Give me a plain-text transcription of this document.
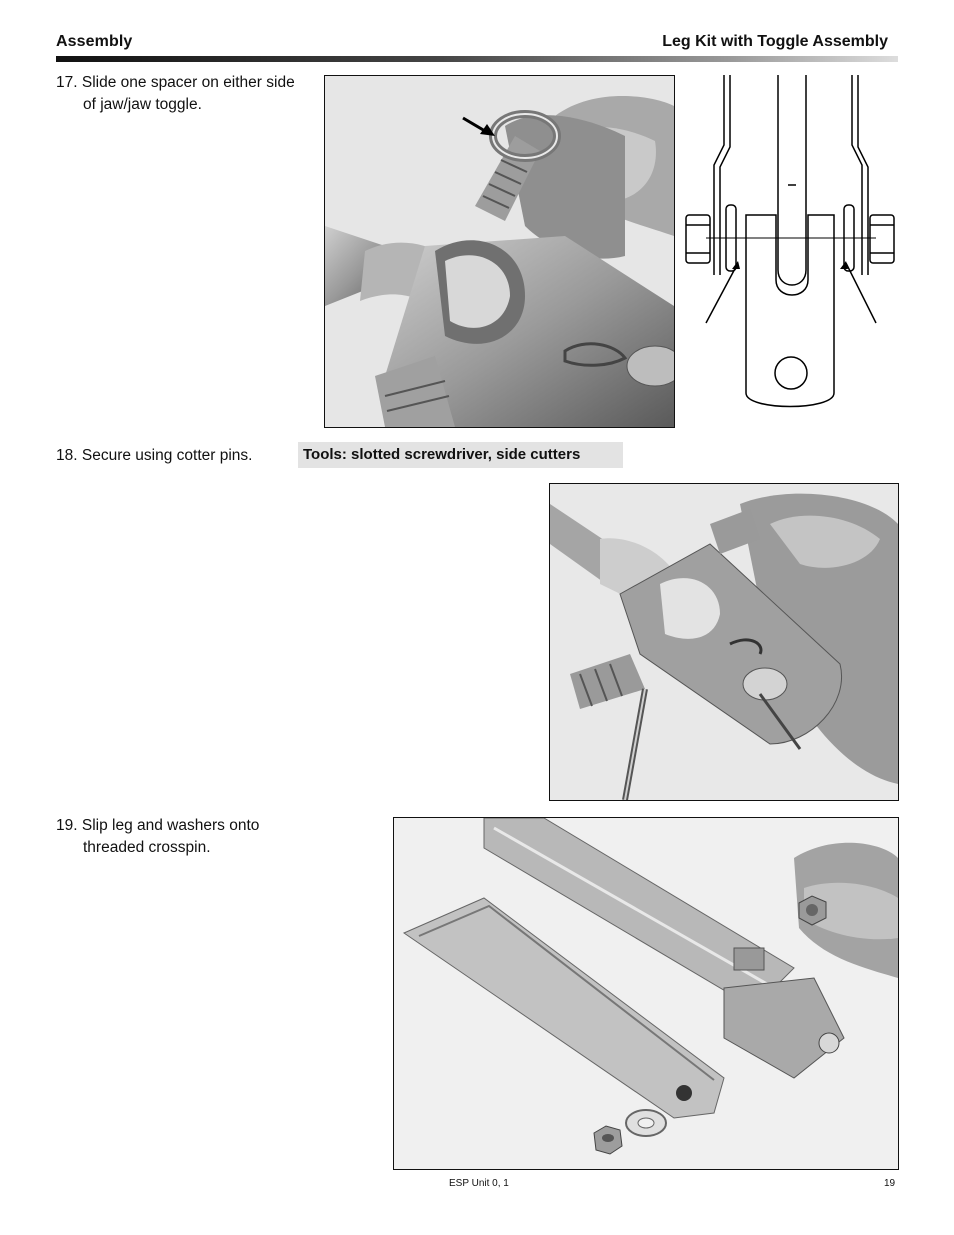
Assembly	Leg Kit with Toggle Assembly
17. Slide one spacer on either side
of jaw/jaw toggle.
18. Secure using cotter pins.	Tools: slotted screwdriver, side cutters
19. Slip leg and washers onto
threaded crosspin.
ESP Unit 0, 1	19
